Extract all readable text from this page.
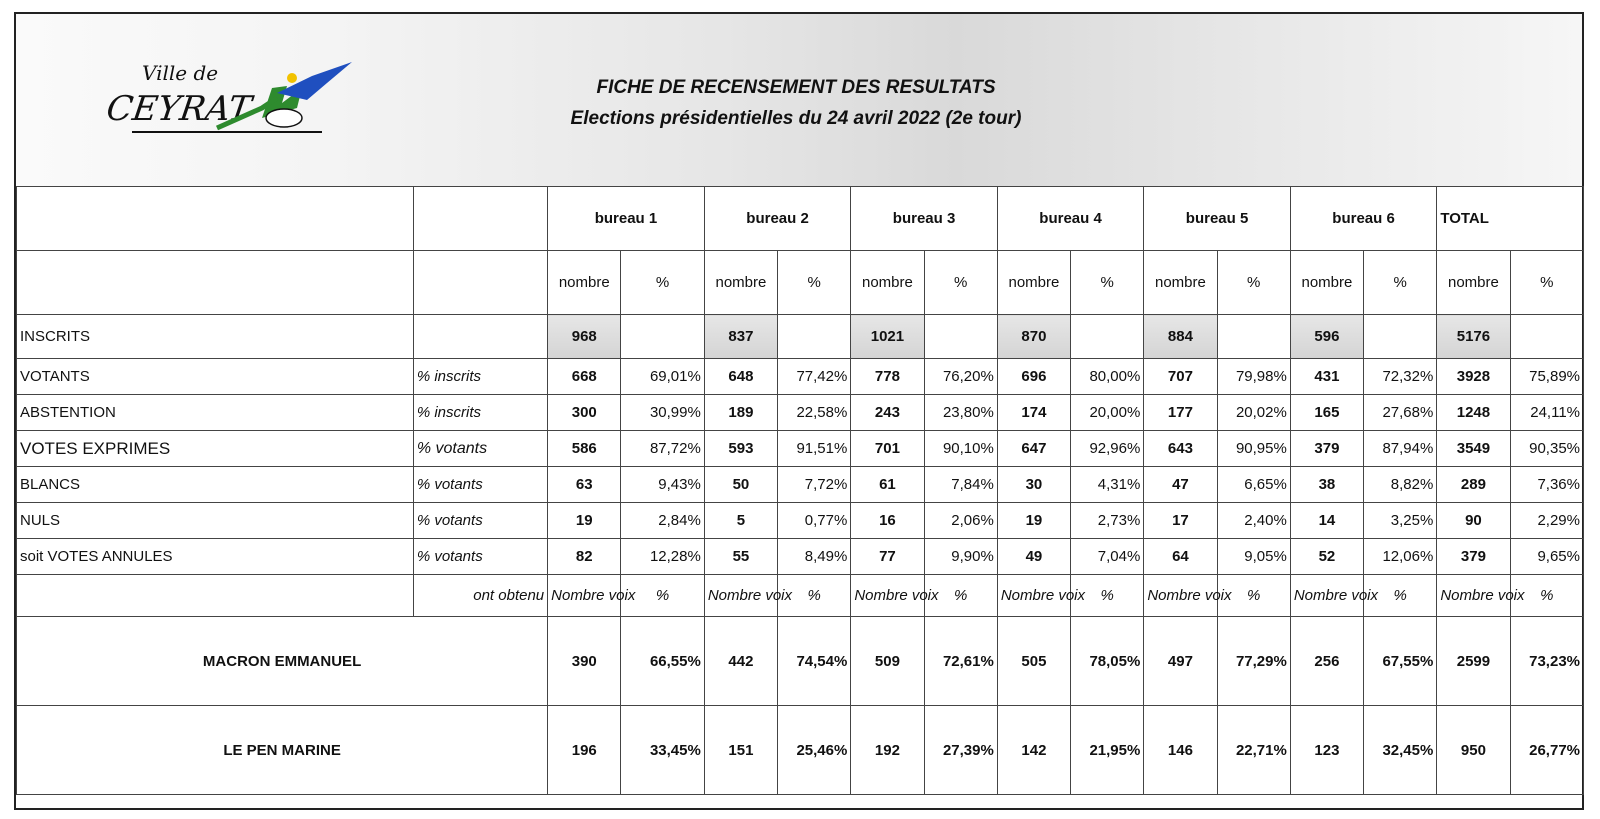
Ville de
CEYRAT
FICHE DE RECENSEMENT DES RESULTATS
Elections présidentielles du 24 avril 2022 (2e tour)
		bureau 1		bureau 2		bureau 3		bureau 4		bureau 5		bureau 6		TOTAL	
		nombre	%	nombre	%	nombre	%	nombre	%	nombre	%	nombre	%	nombre	%
INSCRITS		968		837		1021		870		884		596		5176	
VOTANTS	% inscrits	668	69,01%	648	77,42%	778	76,20%	696	80,00%	707	79,98%	431	72,32%	3928	75,89%
ABSTENTION	% inscrits	300	30,99%	189	22,58%	243	23,80%	174	20,00%	177	20,02%	165	27,68%	1248	24,11%
VOTES EXPRIMES	% votants	586	87,72%	593	91,51%	701	90,10%	647	92,96%	643	90,95%	379	87,94%	3549	90,35%
BLANCS	% votants	63	9,43%	50	7,72%	61	7,84%	30	4,31%	47	6,65%	38	8,82%	289	7,36%
NULS	% votants	19	2,84%	5	0,77%	16	2,06%	19	2,73%	17	2,40%	14	3,25%	90	2,29%
soit VOTES ANNULES	% votants	82	12,28%	55	8,49%	77	9,90%	49	7,04%	64	9,05%	52	12,06%	379	9,65%
	ont obtenu	Nombre voix	%	Nombre voix	%	Nombre voix	%	Nombre voix	%	Nombre voix	%	Nombre voix	%	Nombre voix	%
MACRON EMMANUEL		390	66,55%	442	74,54%	509	72,61%	505	78,05%	497	77,29%	256	67,55%	2599	73,23%
LE PEN MARINE		196	33,45%	151	25,46%	192	27,39%	142	21,95%	146	22,71%	123	32,45%	950	26,77%
